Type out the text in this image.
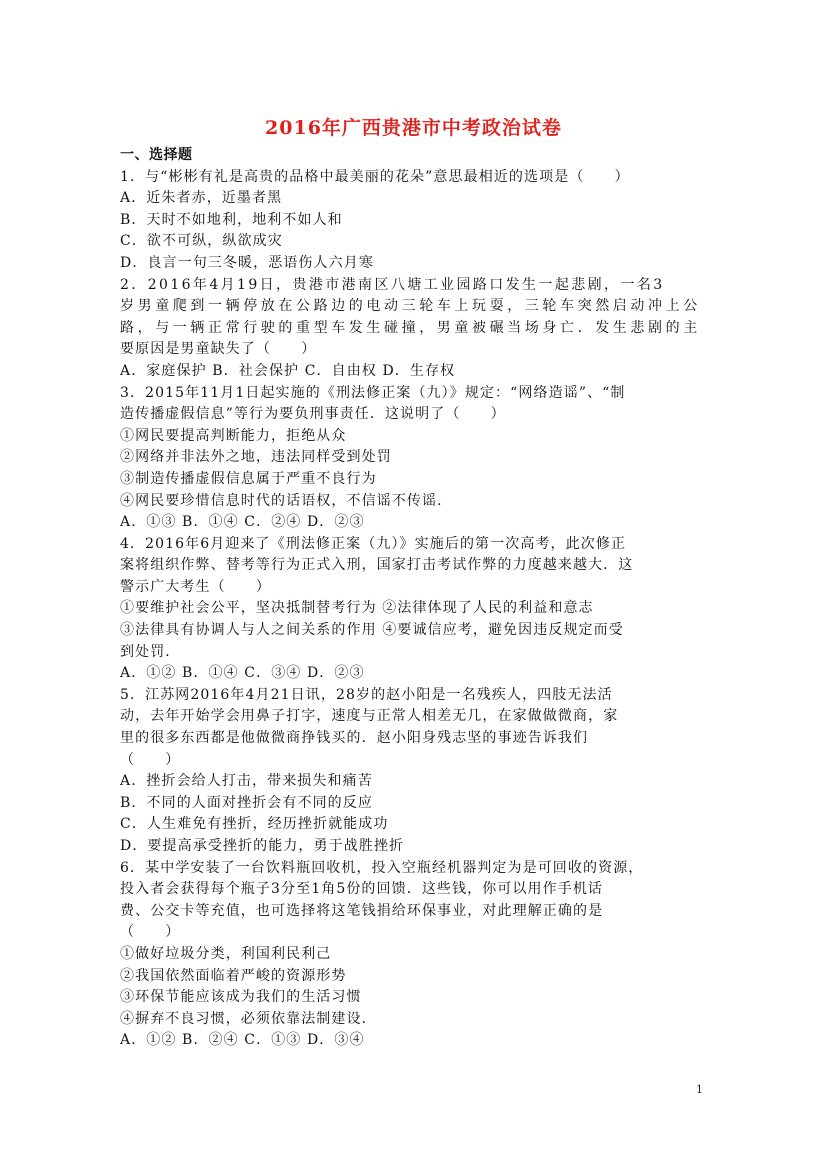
2016年广西贵港市中考政治试卷
一、选择题
1．与“彬彬有礼是高贵的品格中最美丽的花朵”意思最相近的选项是（　　）
A．近朱者赤，近墨者黑
B．天时不如地利，地利不如人和
C．欲不可纵，纵欲成灾
D．良言一句三冬暖，恶语伤人六月寒
2．2016年4月19日，贵港市港南区八塘工业园路口发生一起悲剧，一名3
岁男童爬到一辆停放在公路边的电动三轮车上玩耍，三轮车突然启动冲上公
路，与一辆正常行驶的重型车发生碰撞，男童被碾当场身亡．发生悲剧的主
要原因是男童缺失了（　　）
A．家庭保护 B．社会保护 C．自由权 D．生存权
3．2015年11月1日起实施的《刑法修正案（九）》规定：“网络造谣”、“制
造传播虚假信息”等行为要负刑事责任．这说明了（　　）
①网民要提高判断能力，拒绝从众
②网络并非法外之地，违法同样受到处罚
③制造传播虚假信息属于严重不良行为
④网民要珍惜信息时代的话语权，不信谣不传谣．
A．①③ B．①④ C．②④ D．②③
4．2016年6月迎来了《刑法修正案（九）》实施后的第一次高考，此次修正
案将组织作弊、替考等行为正式入刑，国家打击考试作弊的力度越来越大．这
警示广大考生（　　）
①要维护社会公平，坚决抵制替考行为 ②法律体现了人民的利益和意志
③法律具有协调人与人之间关系的作用 ④要诚信应考，避免因违反规定而受
到处罚．
A．①② B．①④ C．③④ D．②③
5．江苏网2016年4月21日讯，28岁的赵小阳是一名残疾人，四肢无法活
动，去年开始学会用鼻子打字，速度与正常人相差无几，在家做做微商，家
里的很多东西都是他做微商挣钱买的．赵小阳身残志坚的事迹告诉我们
（　　）
A．挫折会给人打击，带来损失和痛苦
B．不同的人面对挫折会有不同的反应
C．人生难免有挫折，经历挫折就能成功
D．要提高承受挫折的能力，勇于战胜挫折
6．某中学安装了一台饮料瓶回收机，投入空瓶经机器判定为是可回收的资源，
投入者会获得每个瓶子3分至1角5份的回馈．这些钱，你可以用作手机话
费、公交卡等充值，也可选择将这笔钱捐给环保事业，对此理解正确的是
（　　）
①做好垃圾分类，利国利民利己
②我国依然面临着严峻的资源形势
③环保节能应该成为我们的生活习惯
④摒弃不良习惯，必须依靠法制建设．
A．①② B．②④ C．①③ D．③④
1
